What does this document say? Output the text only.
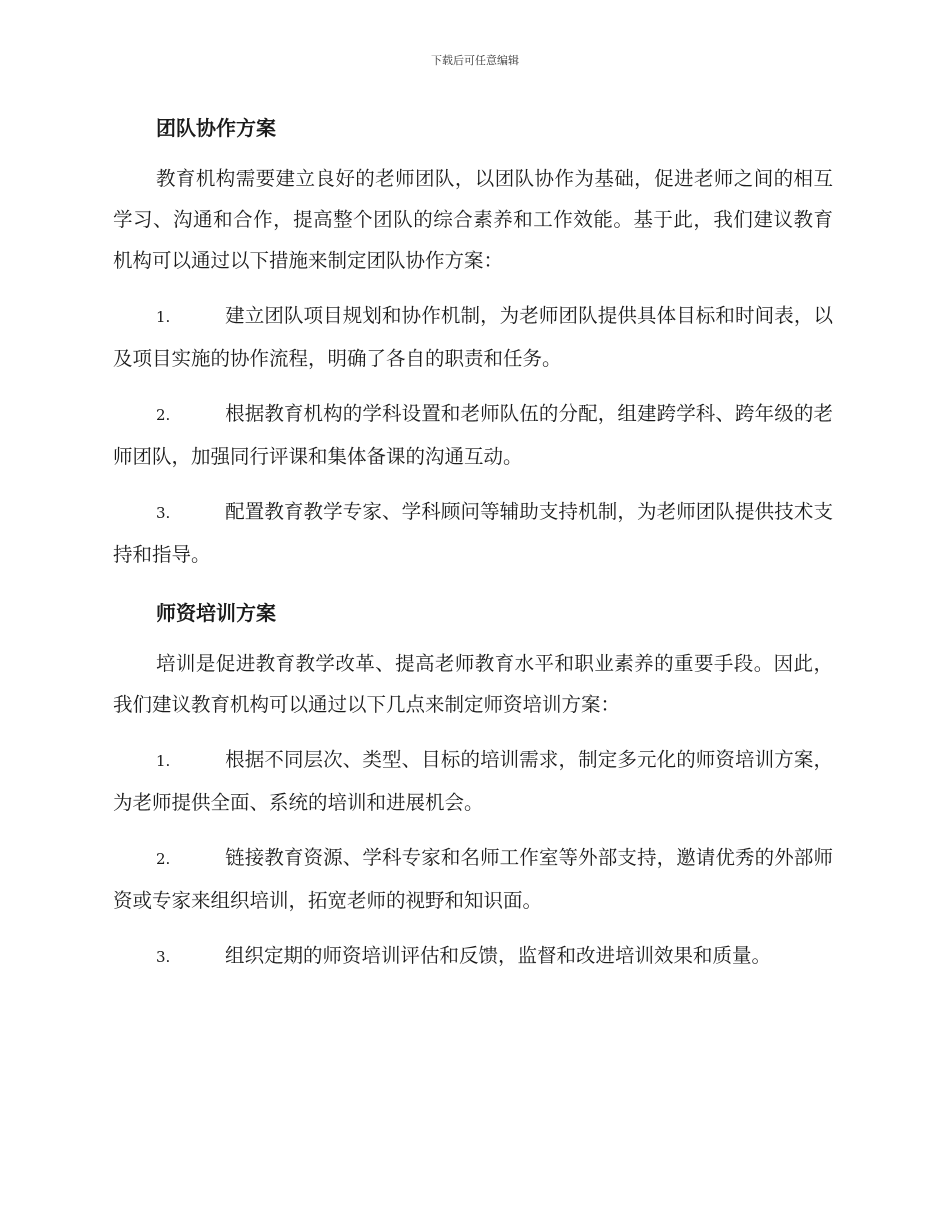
下载后可任意编辑
团队协作方案

教育机构需要建立良好的老师团队，以团队协作为基础，促进老师之间的相互学习、沟通和合作，提高整个团队的综合素养和工作效能。基于此，我们建议教育机构可以通过以下措施来制定团队协作方案：

1.	建立团队项目规划和协作机制，为老师团队提供具体目标和时间表，以及项目实施的协作流程，明确了各自的职责和任务。

2.	根据教育机构的学科设置和老师队伍的分配，组建跨学科、跨年级的老师团队，加强同行评课和集体备课的沟通互动。

3.	配置教育教学专家、学科顾问等辅助支持机制，为老师团队提供技术支持和指导。

师资培训方案

培训是促进教育教学改革、提高老师教育水平和职业素养的重要手段。因此，我们建议教育机构可以通过以下几点来制定师资培训方案：

1.	根据不同层次、类型、目标的培训需求，制定多元化的师资培训方案，为老师提供全面、系统的培训和进展机会。

2.	链接教育资源、学科专家和名师工作室等外部支持，邀请优秀的外部师资或专家来组织培训，拓宽老师的视野和知识面。

3.	组织定期的师资培训评估和反馈，监督和改进培训效果和质量。
